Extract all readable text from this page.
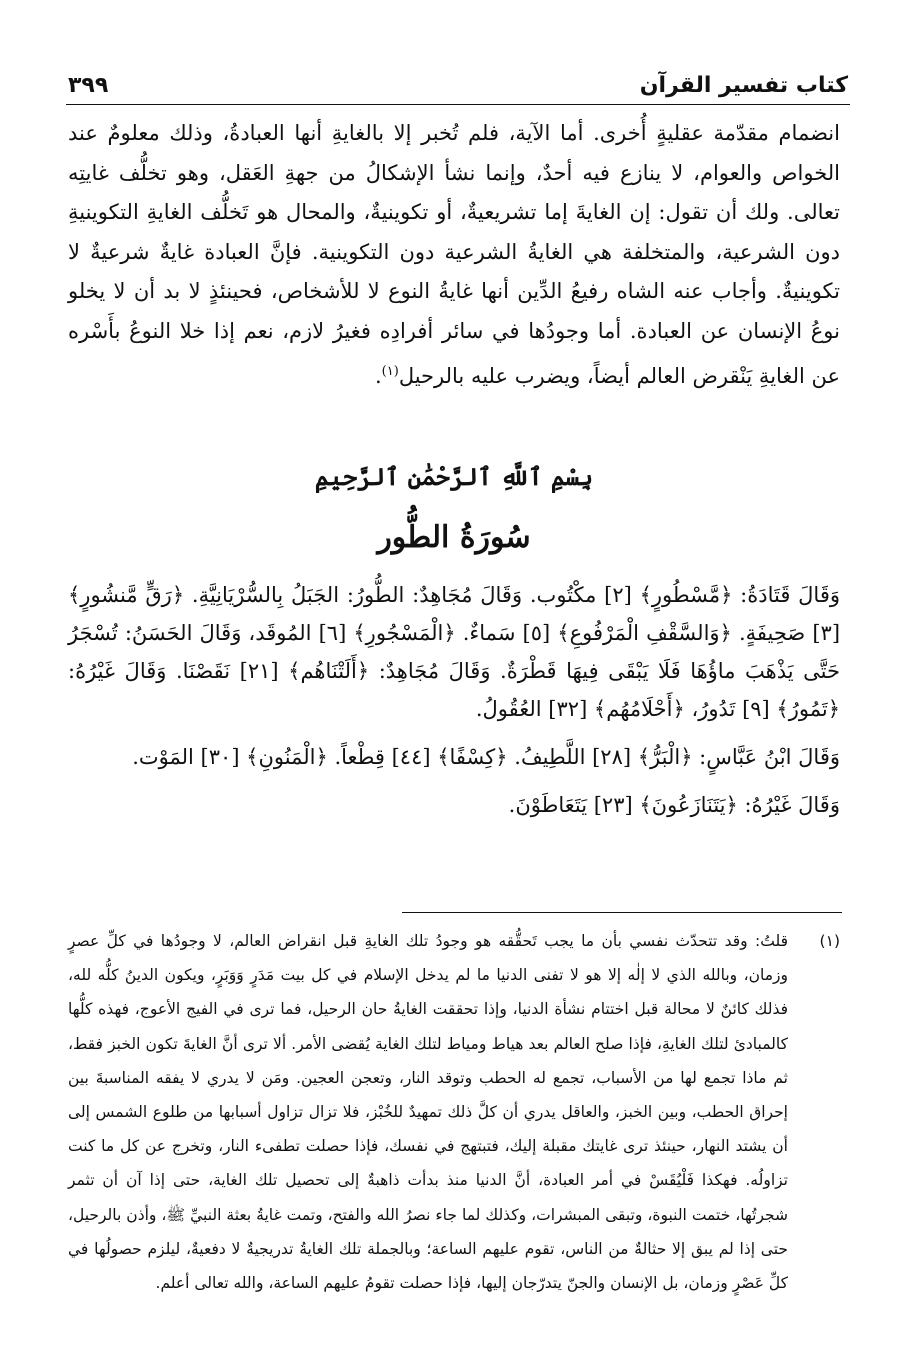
كتاب تفسير القرآن
٣٩٩

انضمام مقدّمة عقليةٍ أُخرى. أما الآية، فلم تُخبر إلا بالغايةِ أنها العبادةُ، وذلك معلومٌ عند الخواص والعوام، لا ينازع فيه أحدٌ، وإنما نشأ الإشكالُ من جهةِ العَقل، وهو تخلُّف غايتِه تعالى. ولك أن تقول: إن الغايةَ إما تشريعيةٌ، أو تكوينيةٌ، والمحال هو تَخلُّف الغايةِ التكوينيةِ دون الشرعية، والمتخلفة هي الغايةُ الشرعية دون التكوينية. فإنَّ العبادة غايةٌ شرعيةٌ لا تكوينيةٌ. وأجاب عنه الشاه رفيعُ الدِّين أنها غايةُ النوع لا للأشخاص، فحينئذٍ لا بد أن لا يخلو نوعُ الإنسان عن العبادة. أما وجودُها في سائر أفرادِه فغيرُ لازم، نعم إذا خلا النوعُ بأَسْره عن الغايةِ يَنْقرض العالم أيضاً، ويضرب عليه بالرحيل$^{(١)}$.

بِسْمِ ٱللَّهِ ٱلرَّحْمَٰنِ ٱلرَّحِيمِ
سُورَةُ الطُّور

وَقَالَ قَتَادَةُ: ﴿مَّسْطُورٍ﴾ [٢] مكْتُوب. وَقَالَ مُجَاهِدٌ: الطُّورُ: الجَبَلُ بِالسُّرْيَانِيَّةِ. ﴿رَقٍّ مَّنشُورٍ﴾ [٣] صَحِيفَةٍ. ﴿وَالسَّقْفِ الْمَرْفُوعِ﴾ [٥] سَماءٌ. ﴿الْمَسْجُورِ﴾ [٦] المُوقَد، وَقَالَ الحَسَنُ: تُسْجَرُ حَتَّى يَذْهَبَ ماؤُهَا فَلَا يَبْقَى فِيهَا قَطْرَةٌ. وَقَالَ مُجَاهِدٌ: ﴿أَلَتْنَاهُم﴾ [٢١] نَقَصْنَا. وَقَالَ غَيْرُهُ: ﴿تَمُورُ﴾ [٩] تَدُورُ، ﴿أَحْلَامُهُم﴾ [٣٢] العُقُولُ.

وَقَالَ ابْنُ عَبَّاسٍ: ﴿الْبَرُّ﴾ [٢٨] اللَّطِيفُ. ﴿كِسْفًا﴾ [٤٤] قِطْعاً. ﴿الْمَنُونِ﴾ [٣٠] المَوْت.

وَقَالَ غَيْرُهُ: ﴿يَتَنَازَعُونَ﴾ [٢٣] يَتَعَاطَوْنَ.

(١)
قلتُ: وقد تتحدّث نفسي بأن ما يجب تَحقُّقه هو وجودُ تلك الغايةِ قبل انقراض العالم، لا وجودُها في كلِّ عصرٍ وزمان، وبالله الذي لا إلٰه إلا هو لا تفنى الدنيا ما لم يدخل الإسلام في كل بيت مَدَرٍ وَوَبَرٍ، ويكون الدينُ كلُّه لله، فذلك كائنٌ لا محالة قبل اختتام نشأة الدنيا، وإذا تحققت الغايةُ حان الرحيل، فما ترى في الفيج الأعوج، فهذه كلُّها كالمبادئ لتلك الغايةِ، فإذا صلح العالم بعد هياط ومياط لتلك الغاية يُقضى الأمر. ألا ترى أنَّ الغايةَ تكون الخبز فقط، ثم ماذا تجمع لها من الأسباب، تجمع له الحطب وتوقد النار، وتعجن العجين. ومَن لا يدري لا يفقه المناسبةَ بين إحراق الحطب، وبين الخبز، والعاقل يدري أن كلَّ ذلك تمهيدٌ للخُبْز، فلا تزال تزاول أسبابها من طلوع الشمس إلى أن يشتد النهار، حينئذ ترى غايتك مقبلة إليك، فتبتهج في نفسك، فإذا حصلت تطفىء النار، وتخرج عن كل ما كنت تزاولُه. فهكذا فَلْيُقَسْ في أمر العبادة، أنَّ الدنيا منذ بدأت ذاهبةٌ إلى تحصيل تلك الغاية، حتى إذا آن أن تثمر شجرتُها، ختمت النبوة، وتبقى المبشرات، وكذلك لما جاء نصرُ الله والفتح، وتمت غايةُ بعثة النبيِّ ﷺ، وأذن بالرحيل، حتى إذا لم يبق إلا حثالةٌ من الناس، تقوم عليهم الساعة؛ وبالجملة تلك الغايةُ تدريجيةٌ لا دفعيةٌ، ليلزم حصولُها في كلِّ عَصْرٍ وزمان، بل الإنسان والجنّ يتدرّجان إليها، فإذا حصلت تقومُ عليهم الساعة، والله تعالى أعلم.
